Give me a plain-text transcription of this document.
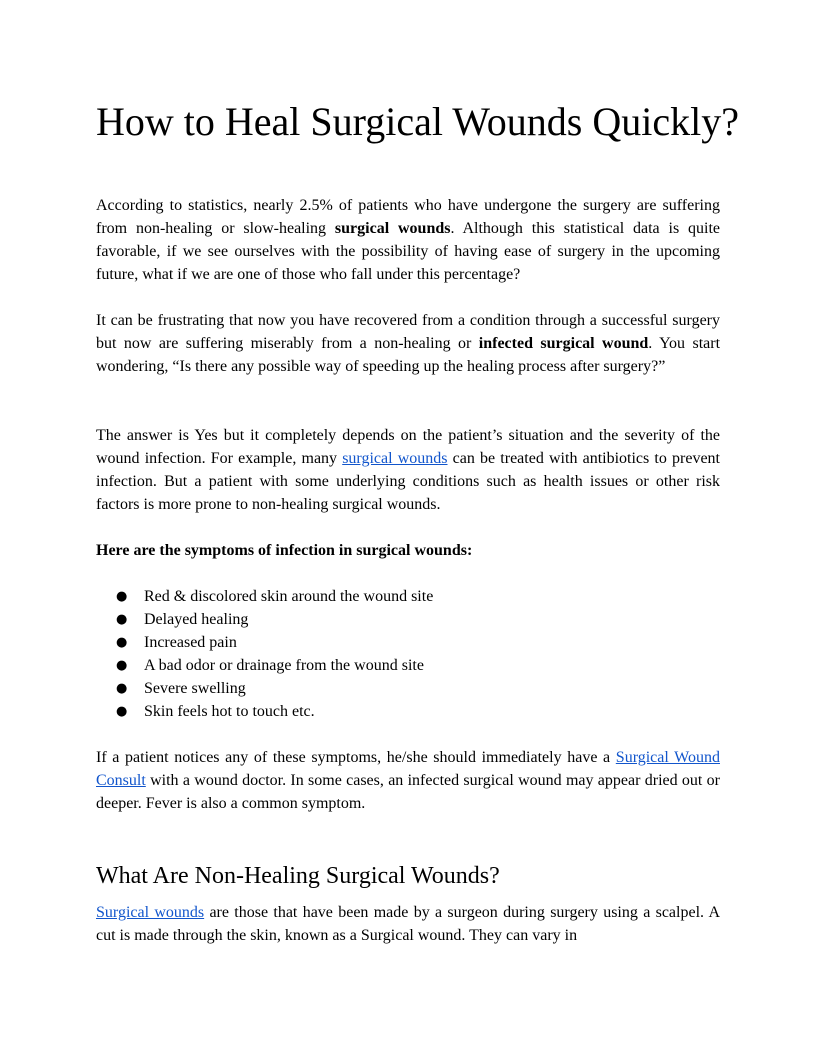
How to Heal Surgical Wounds Quickly?

According to statistics, nearly 2.5% of patients who have undergone the surgery are suffering from non-healing or slow-healing surgical wounds. Although this statistical data is quite favorable, if we see ourselves with the possibility of having ease of surgery in the upcoming future, what if we are one of those who fall under this percentage?

It can be frustrating that now you have recovered from a condition through a successful surgery but now are suffering miserably from a non-healing or infected surgical wound. You start wondering, “Is there any possible way of speeding up the healing process after surgery?”

The answer is Yes but it completely depends on the patient’s situation and the severity of the wound infection. For example, many surgical wounds can be treated with antibiotics to prevent infection. But a patient with some underlying conditions such as health issues or other risk factors is more prone to non-healing surgical wounds.

Here are the symptoms of infection in surgical wounds:

● Red & discolored skin around the wound site
● Delayed healing
● Increased pain
● A bad odor or drainage from the wound site
● Severe swelling
● Skin feels hot to touch etc.

If a patient notices any of these symptoms, he/she should immediately have a Surgical Wound Consult with a wound doctor. In some cases, an infected surgical wound may appear dried out or deeper. Fever is also a common symptom.

What Are Non-Healing Surgical Wounds?

Surgical wounds are those that have been made by a surgeon during surgery using a scalpel. A cut is made through the skin, known as a Surgical wound. They can vary in
